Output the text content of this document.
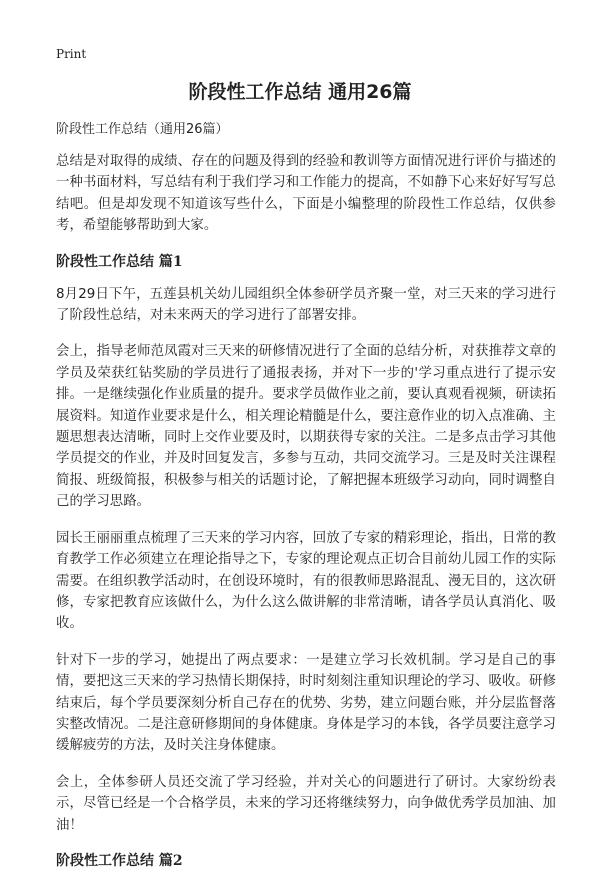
Print
阶段性工作总结 通用26篇
阶段性工作总结（通用26篇）

总结是对取得的成绩、存在的问题及得到的经验和教训等方面情况进行评价与描述的一种书面材料，写总结有利于我们学习和工作能力的提高，不如静下心来好好写写总结吧。但是却发现不知道该写些什么，下面是小编整理的阶段性工作总结，仅供参考，希望能够帮助到大家。

阶段性工作总结 篇1

8月29日下午，五莲县机关幼儿园组织全体参研学员齐聚一堂，对三天来的学习进行了阶段性总结，对未来两天的学习进行了部署安排。

会上，指导老师范凤霞对三天来的研修情况进行了全面的总结分析，对获推荐文章的学员及荣获红钻奖励的学员进行了通报表扬，并对下一步的'学习重点进行了提示安排。一是继续强化作业质量的提升。要求学员做作业之前，要认真观看视频，研读拓展资料。知道作业要求是什么，相关理论精髓是什么，要注意作业的切入点准确、主题思想表达清晰，同时上交作业要及时，以期获得专家的关注。二是多点击学习其他学员提交的作业，并及时回复发言，多参与互动，共同交流学习。三是及时关注课程简报、班级简报，积极参与相关的话题讨论，了解把握本班级学习动向，同时调整自己的学习思路。

园长王丽丽重点梳理了三天来的学习内容，回放了专家的精彩理论，指出，日常的教育教学工作必须建立在理论指导之下，专家的理论观点正切合目前幼儿园工作的实际需要。在组织教学活动时，在创设环境时，有的很教师思路混乱、漫无目的，这次研修，专家把教育应该做什么，为什么这么做讲解的非常清晰，请各学员认真消化、吸收。

针对下一步的学习，她提出了两点要求：一是建立学习长效机制。学习是自己的事情，要把这三天来的学习热情长期保持，时时刻刻注重知识理论的学习、吸收。研修结束后，每个学员要深刻分析自己存在的优势、劣势，建立问题台账，并分层监督落实整改情况。二是注意研修期间的身体健康。身体是学习的本钱，各学员要注意学习缓解疲劳的方法，及时关注身体健康。

会上，全体参研人员还交流了学习经验，并对关心的问题进行了研讨。大家纷纷表示，尽管已经是一个合格学员，未来的学习还将继续努力，向争做优秀学员加油、加油！

阶段性工作总结 篇2
